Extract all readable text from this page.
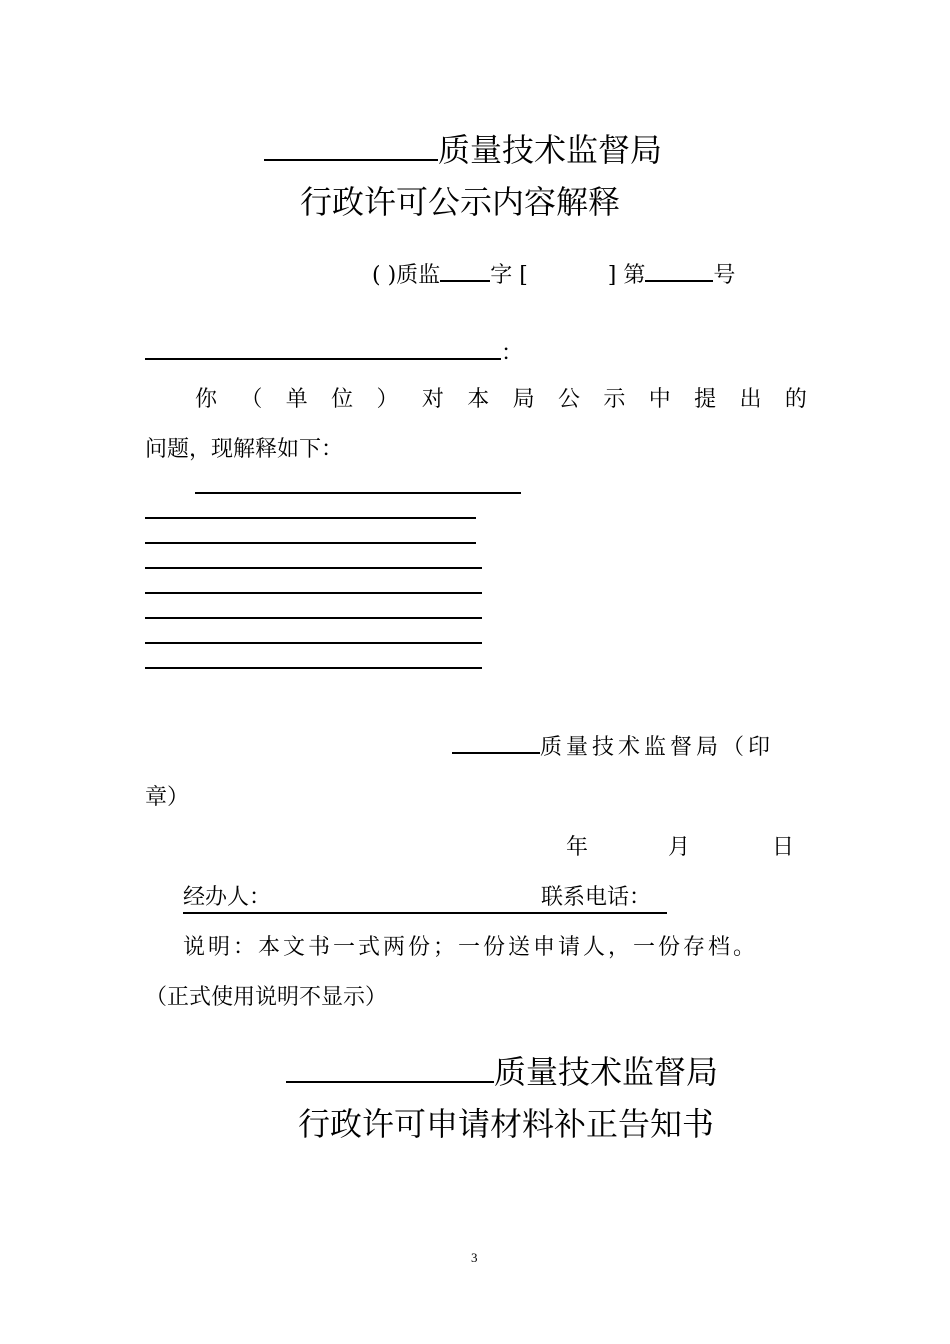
质量技术监督局
行政许可公示内容解释
( )质监 字 [	] 第	号
：
你 （ 单 位 ） 对 本 局 公 示 中 提 出 的
问题，现解释如下：
质量技术监督局（印
章）
年	月	日
经办人：	联系电话：
说明：本文书一式两份；一份送申请人，一份存档。
（正式使用说明不显示）
质量技术监督局
行政许可申请材料补正告知书
3
